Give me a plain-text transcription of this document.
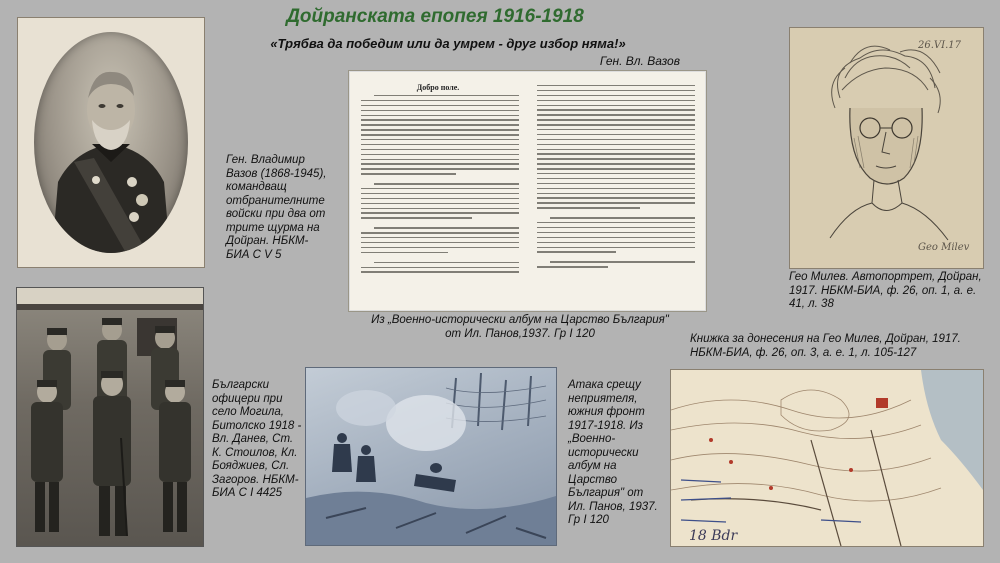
Дойранската епопея 1916-1918
«Трябва да победим или да умрем - друг избор няма!»
Ген. Вл. Вазов
Ген. Владимир Вазов (1868-1945), командващ отбранителните войски при два от трите щурма на Дойран. НБКМ-БИА С V 5
Добро поле.
Из „Военно-исторически албум на Царство България" от Ил. Панов,1937. Гр I 120
26.VI.17
Geo Milev
Гео Милев. Автопортрет, Дойран, 1917. НБКМ-БИА, ф. 26, оп. 1, а. е. 41, л. 38
Български офицери при село Могила, Битолско 1918 - Вл. Данев, Ст. К. Стоилов, Кл. Бояджиев, Сл. Загоров. НБКМ-БИА С I 4425
Атака срещу неприятеля, южния фронт 1917-1918. Из „Военно-исторически албум на Царство България" от Ил. Панов, 1937. Гр I 120
Книжка за донесения на Гео Милев, Дойран, 1917. НБКМ-БИА, ф. 26, оп. 3, а. е. 1, л. 105-127
18 Bdr
